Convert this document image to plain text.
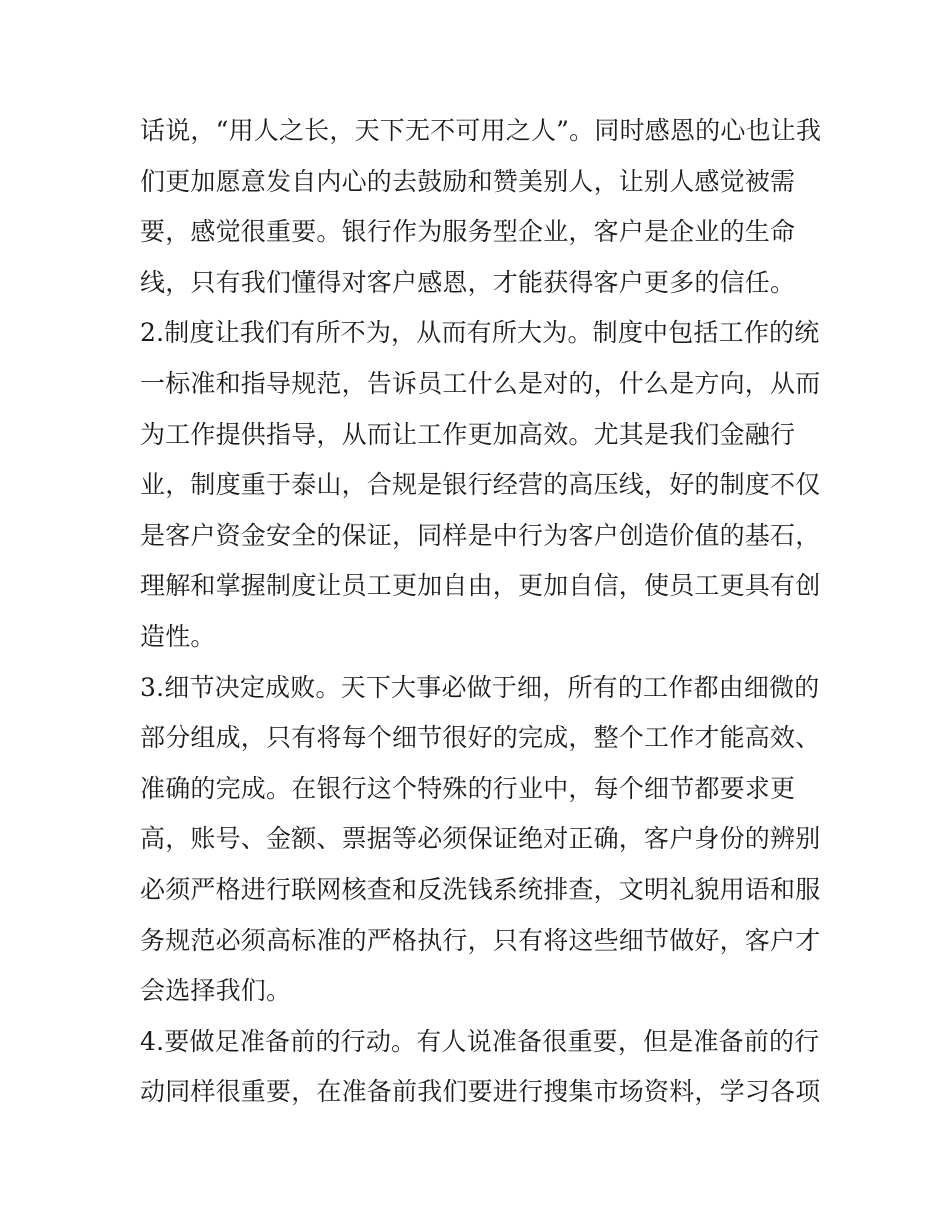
话说，“用人之长，天下无不可用之人”。同时感恩的心也让我
们更加愿意发自内心的去鼓励和赞美别人，让别人感觉被需
要，感觉很重要。银行作为服务型企业，客户是企业的生命
线，只有我们懂得对客户感恩，才能获得客户更多的信任。
2.制度让我们有所不为，从而有所大为。制度中包括工作的统
一标准和指导规范，告诉员工什么是对的，什么是方向，从而
为工作提供指导，从而让工作更加高效。尤其是我们金融行
业，制度重于泰山，合规是银行经营的高压线，好的制度不仅
是客户资金安全的保证，同样是中行为客户创造价值的基石，
理解和掌握制度让员工更加自由，更加自信，使员工更具有创
造性。
3.细节决定成败。天下大事必做于细，所有的工作都由细微的
部分组成，只有将每个细节很好的完成，整个工作才能高效、
准确的完成。在银行这个特殊的行业中，每个细节都要求更
高，账号、金额、票据等必须保证绝对正确，客户身份的辨别
必须严格进行联网核查和反洗钱系统排查，文明礼貌用语和服
务规范必须高标准的严格执行，只有将这些细节做好，客户才
会选择我们。
4.要做足准备前的行动。有人说准备很重要，但是准备前的行
动同样很重要，在准备前我们要进行搜集市场资料，学习各项
